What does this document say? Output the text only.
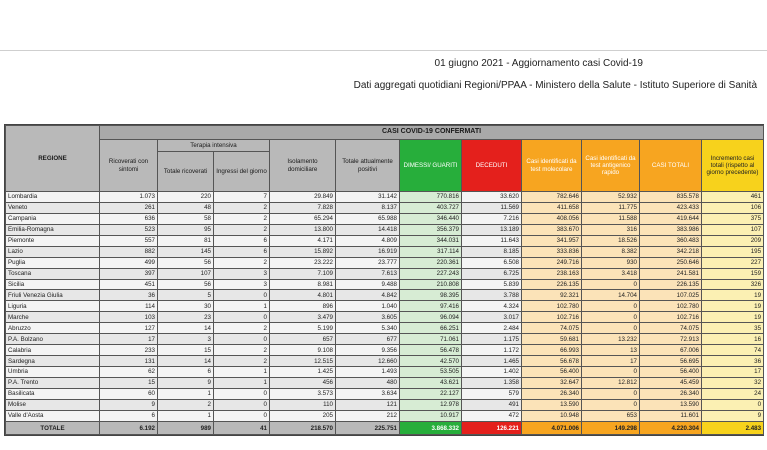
01 giugno 2021 - Aggiornamento casi Covid-19
Dati aggregati quotidiani Regioni/PPAA - Ministero della Salute - Istituto Superiore di Sanità
REGIONE	CASI COVID-19 CONFERMATI										
	Ricoverati con sintomi	Terapia intensiva		Isolamento domiciliare	Totale attualmente positivi	DIMESSI/ GUARITI	DECEDUTI	Casi identificati da test molecolare	Casi identificati da test antigenico rapido	CASI TOTALI	Incremento casi totali (rispetto al giorno precedente)
		Totale ricoverati	Ingressi del giorno								
Lombardia	1.073	220	7	29.849	31.142	770.816	33.620	782.646	52.932	835.578	461
Veneto	261	48	2	7.828	8.137	403.727	11.569	411.658	11.775	423.433	106
Campania	636	58	2	65.294	65.988	346.440	7.216	408.056	11.588	419.644	375
Emilia-Romagna	523	95	2	13.800	14.418	356.379	13.189	383.670	316	383.986	107
Piemonte	557	81	6	4.171	4.809	344.031	11.643	341.957	18.526	360.483	209
Lazio	882	145	6	15.892	16.919	317.114	8.185	333.836	8.382	342.218	195
Puglia	499	56	2	23.222	23.777	220.361	6.508	249.716	930	250.646	227
Toscana	397	107	3	7.109	7.613	227.243	6.725	238.163	3.418	241.581	159
Sicilia	451	56	3	8.981	9.488	210.808	5.839	226.135	0	226.135	326
Friuli Venezia Giulia	36	5	0	4.801	4.842	98.395	3.788	92.321	14.704	107.025	19
Liguria	114	30	1	896	1.040	97.416	4.324	102.780	0	102.780	19
Marche	103	23	0	3.479	3.605	96.094	3.017	102.716	0	102.716	19
Abruzzo	127	14	2	5.199	5.340	66.251	2.484	74.075	0	74.075	35
P.A. Bolzano	17	3	0	657	677	71.061	1.175	59.681	13.232	72.913	16
Calabria	233	15	2	9.108	9.356	56.478	1.172	66.993	13	67.006	74
Sardegna	131	14	2	12.515	12.660	42.570	1.465	56.678	17	56.695	36
Umbria	62	6	1	1.425	1.493	53.505	1.402	56.400	0	56.400	17
P.A. Trento	15	9	1	456	480	43.621	1.358	32.647	12.812	45.459	32
Basilicata	60	1	0	3.573	3.634	22.127	579	26.340	0	26.340	24
Molise	9	2	0	110	121	12.978	491	13.590	0	13.590	0
Valle d'Aosta	6	1	0	205	212	10.917	472	10.948	653	11.601	9
TOTALE	6.192	989	41	218.570	225.751	3.868.332	126.221	4.071.006	149.298	4.220.304	2.483
